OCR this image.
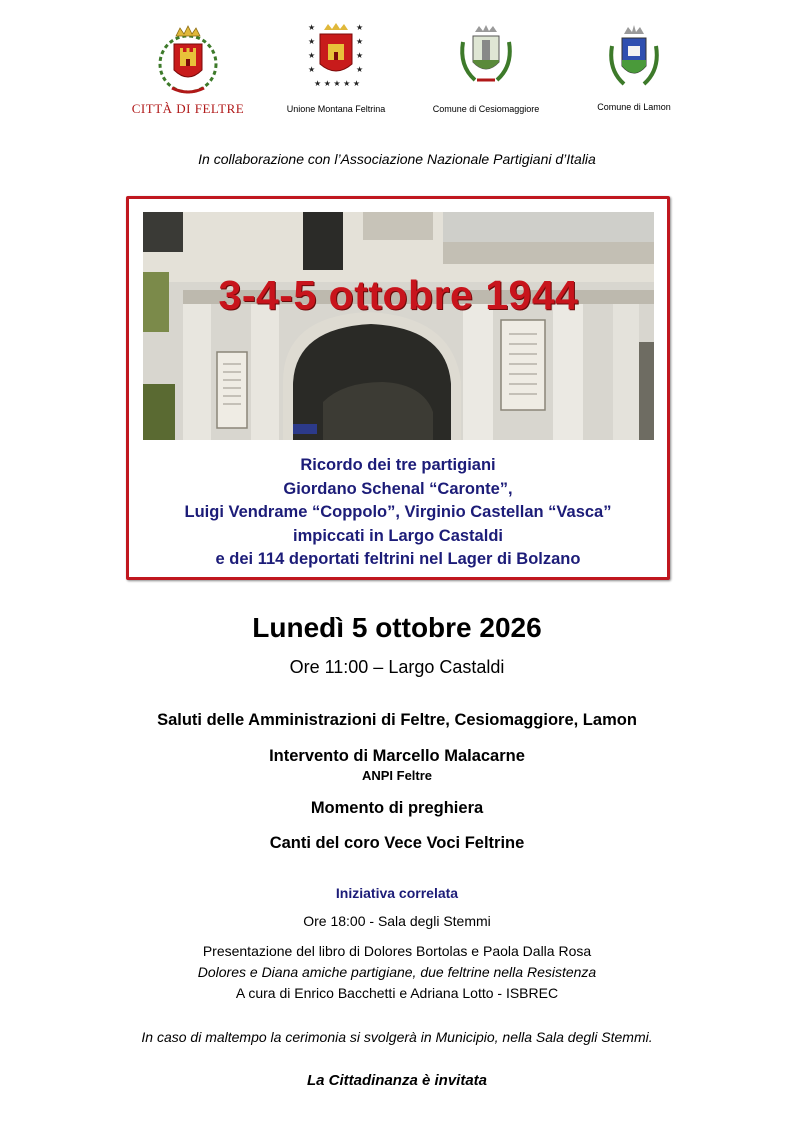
CITTÀ DI FELTRE
★	★
★	★
★	★
★	★
★ ★ ★ ★ ★
Unione Montana Feltrina	Comune di Cesiomaggiore	Comune di Lamon
In collaborazione con l’Associazione Nazionale Partigiani d’Italia
3-4-5 ottobre 1944
Ricordo dei tre partigiani
Giordano Schenal “Caronte”,
Luigi Vendrame “Coppolo”, Virginio Castellan “Vasca”
impiccati in Largo Castaldi
e dei 114 deportati feltrini nel Lager di Bolzano
Lunedì 5 ottobre 2026
Ore 11:00 – Largo Castaldi
Saluti delle Amministrazioni di Feltre, Cesiomaggiore, Lamon
Intervento di Marcello Malacarne
ANPI Feltre
Momento di preghiera
Canti del coro Vece Voci Feltrine
Iniziativa correlata
Ore 18:00 - Sala degli Stemmi
Presentazione del libro di Dolores Bortolas e Paola Dalla Rosa
Dolores e Diana amiche partigiane, due feltrine nella Resistenza
A cura di Enrico Bacchetti e Adriana Lotto - ISBREC
In caso di maltempo la cerimonia si svolgerà in Municipio, nella Sala degli Stemmi.
La Cittadinanza è invitata
